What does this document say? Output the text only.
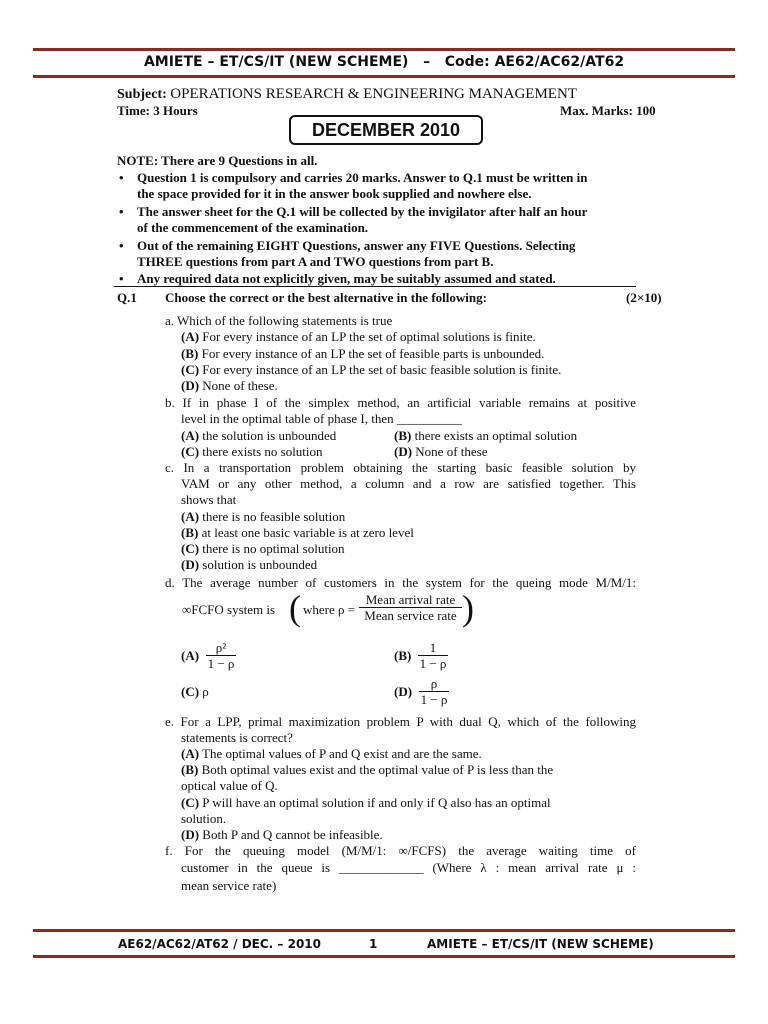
AMIETE – ET/CS/IT (NEW SCHEME)   –   Code: AE62/AC62/AT62
Subject: OPERATIONS RESEARCH & ENGINEERING MANAGEMENT
Time: 3 Hours	Max. Marks: 100
DECEMBER 2010
NOTE: There are 9 Questions in all.
• Question 1 is compulsory and carries 20 marks. Answer to Q.1 must be written in
the space provided for it in the answer book supplied and nowhere else.
• The answer sheet for the Q.1 will be collected by the invigilator after half an hour
of the commencement of the examination.
• Out of the remaining EIGHT Questions, answer any FIVE Questions. Selecting
THREE questions from part A and TWO questions from part B.
• Any required data not explicitly given, may be suitably assumed and stated.
Q.1 Choose the correct or the best alternative in the following:	(2×10)
a. Which of the following statements is true
(A) For every instance of an LP the set of optimal solutions is finite.
(B) For every instance of an LP the set of feasible parts is unbounded.
(C) For every instance of an LP the set of basic feasible solution is finite.
(D) None of these.
b. If in phase I of the simplex method, an artificial variable remains at positive
level in the optimal table of phase I, then __________
(A) the solution is unbounded	(B) there exists an optimal solution
(C) there exists no solution	(D) None of these
c. In a transportation problem obtaining the starting basic feasible solution by
VAM or any other method, a column and a row are satisfied together. This
shows that
(A) there is no feasible solution
(B) at least one basic variable is at zero level
(C) there is no optimal solution
(D) solution is unbounded
d. The average number of customers in the system for the queing mode M/M/1:
∞FCFO system is ( where ρ =
Mean arrival rate
Mean service rate )
$(A) \frac{\text{ρ²}}{1 - \rho}$	$(B) \frac{1}{1 - \rho}$
(C) ρ	$(D) \frac{\rho}{1 - \rho}$
e. For a LPP, primal maximization problem P with dual Q, which of the following
statements is correct?
(A) The optimal values of P and Q exist and are the same.
(B) Both optimal values exist and the optimal value of P is less than the
optical value of Q.
(C) P will have an optimal solution if and only if Q also has an optimal
solution.
(D) Both P and Q cannot be infeasible.
f. For the queuing model (M/M/1: ∞/FCFS) the average waiting time of
customer in the queue is _____________ (Where λ : mean arrival rate μ :
mean service rate)
AE62/AC62/AT62 / DEC. – 2010	1	AMIETE – ET/CS/IT (NEW SCHEME)
